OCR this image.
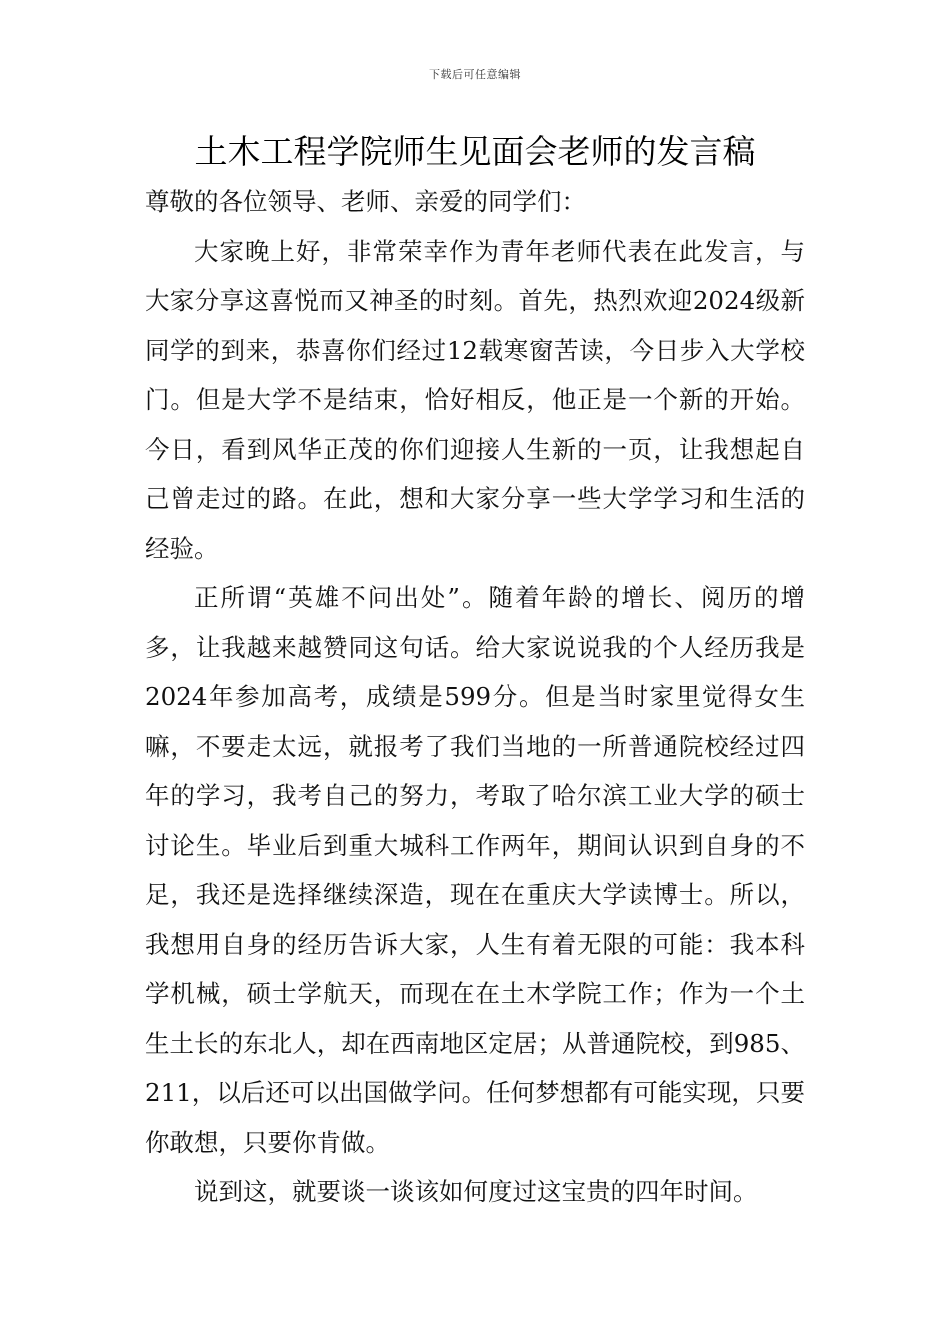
下载后可任意编辑
土木工程学院师生见面会老师的发言稿

尊敬的各位领导、老师、亲爱的同学们：

大家晚上好，非常荣幸作为青年老师代表在此发言，与大家分享这喜悦而又神圣的时刻。首先，热烈欢迎2024级新同学的到来，恭喜你们经过12载寒窗苦读，今日步入大学校门。但是大学不是结束，恰好相反，他正是一个新的开始。今日，看到风华正茂的你们迎接人生新的一页，让我想起自己曾走过的路。在此，想和大家分享一些大学学习和生活的经验。

正所谓“英雄不问出处”。随着年龄的增长、阅历的增多，让我越来越赞同这句话。给大家说说我的个人经历我是2024年参加高考，成绩是599分。但是当时家里觉得女生嘛，不要走太远，就报考了我们当地的一所普通院校经过四年的学习，我考自己的努力，考取了哈尔滨工业大学的硕士讨论生。毕业后到重大城科工作两年，期间认识到自身的不足，我还是选择继续深造，现在在重庆大学读博士。所以，我想用自身的经历告诉大家，人生有着无限的可能：我本科学机械，硕士学航天，而现在在土木学院工作；作为一个土生土长的东北人，却在西南地区定居；从普通院校，到985、211，以后还可以出国做学问。任何梦想都有可能实现，只要你敢想，只要你肯做。

说到这，就要谈一谈该如何度过这宝贵的四年时间。
